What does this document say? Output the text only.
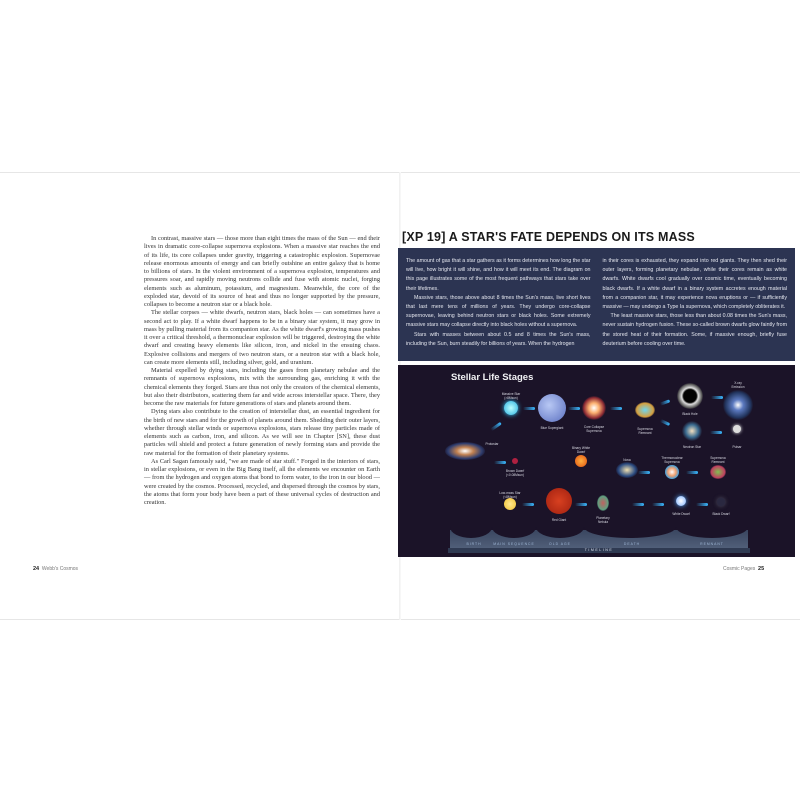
In contrast, massive stars — those more than eight times the mass of the Sun — end their lives in dramatic core-collapse supernova explosions. When a massive star reaches the end of its life, its core collapses under gravity, triggering a catastrophic explosion. Supernovae release enormous amounts of energy and can briefly outshine an entire galaxy that is home to billions of stars. In the violent environment of a supernova explosion, temperatures and pressures soar, and rapidly moving neutrons collide and fuse with atomic nuclei, forging elements such as aluminum, potassium, and magnesium. Meanwhile, the core of the exploded star, devoid of its source of heat and thus no longer supported by the pressure, collapses to become a neutron star or a black hole.

The stellar corpses — white dwarfs, neutron stars, black holes — can sometimes have a second act to play. If a white dwarf happens to be in a binary star system, it may grow in mass by pulling material from its companion star. As the white dwarf's growing mass pushes it over a critical threshold, a thermonuclear explosion will be triggered, destroying the white dwarf and creating heavy elements like silicon, iron, and nickel in the ensuing chaos. Explosive collisions and mergers of two neutron stars, or a neutron star with a black hole, can create more elements still, including silver, gold, and uranium.

Material expelled by dying stars, including the gases from planetary nebulae and the remnants of supernova explosions, mix with the surrounding gas, enriching it with the chemical elements they forged. Stars are thus not only the creators of the chemical elements, but also their distributors, scattering them far and wide across interstellar space. There, they become the raw materials for future generations of stars and planets around them.

Dying stars also contribute to the creation of interstellar dust, an essential ingredient for the birth of new stars and for the growth of planets around them. Shedding their outer layers, whether through stellar winds or supernova explosions, stars release tiny particles made of elements such as carbon, iron, and silicon. As we will see in Chapter [SN], these dust particles will shield and protect a future generation of newly forming stars and provide the raw material for the formation of their planetary systems.

As Carl Sagan famously said, "we are made of star stuff." Forged in the interiors of stars, in stellar explosions, or even in the Big Bang itself, all the elements we encounter on Earth — from the hydrogen and oxygen atoms that bond to form water, to the iron in our blood — were created by the cosmos. Processed, recycled, and dispersed through the cosmos by stars, the atoms that form your body have been a part of these universal cycles of destruction and creation.

24 Webb's Cosmos	Cosmic Pages 25
[XP 19] A STAR'S FATE DEPENDS ON ITS MASS

The amount of gas that a star gathers as it forms determines how long the star will live, how bright it will shine, and how it will meet its end. The diagram on this page illustrates some of the most frequent pathways that stars take over their lifetimes.

Massive stars, those above about 8 times the Sun's mass, live short lives that last mere tens of millions of years. They undergo core-collapse supernovae, leaving behind neutron stars or black holes. Some extremely massive stars may collapse directly into black holes without a supernova.

Stars with masses between about 0.5 and 8 times the Sun's mass, including the Sun, burn steadily for billions of years. When the hydrogen

in their cores is exhausted, they expand into red giants. They then shed their outer layers, forming planetary nebulae, while their cores remain as white dwarfs. White dwarfs cool gradually over cosmic time, eventually becoming black dwarfs. If a white dwarf in a binary system accretes enough material from a companion star, it may experience nova eruptions or — if sufficiently massive — may undergo a Type Ia supernova, which completely obliterates it.

The least massive stars, those less than about 0.08 times the Sun's mass, never sustain hydrogen fusion. These so-called brown dwarfs glow faintly from the stored heat of their formation. Some, if massive enough, briefly fuse deuterium before cooling over time.

Stellar Life Stages
BIRTH	MAIN SEQUENCE	OLD AGE	DEATH	REMNANT
TIMELINE
Massive Star
(>8Msun)
Blue Supergiant	Core Collapse
Supernova	Supernova
Remnant
Black Hole
X-ray
Emission
Neutron Star	Pulsar
Protostar
Brown Dwarf
(<0.08Msun)
Low-mass Star
(<8Msun)
Red Giant
Binary White
Dwarf
Nova	Thermonuclear
Supernova
Supernova
Remnant
Planetary
Nebula
White Dwarf	Black Dwarf
